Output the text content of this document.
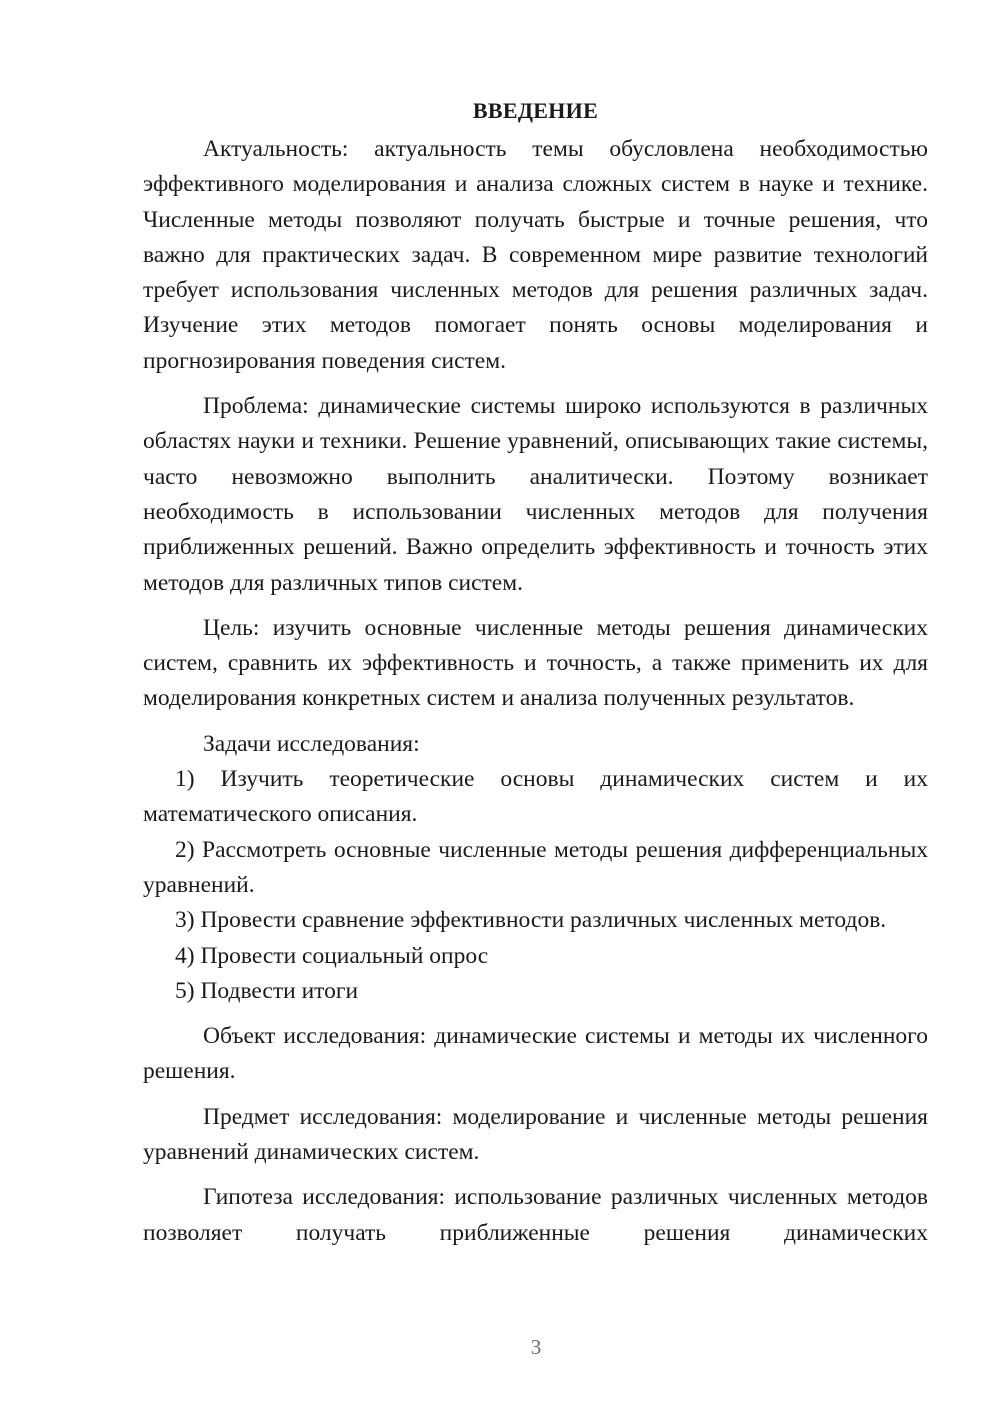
ВВЕДЕНИЕ

Актуальность: актуальность темы обусловлена необходимостью эффективного моделирования и анализа сложных систем в науке и технике. Численные методы позволяют получать быстрые и точные решения, что важно для практических задач. В современном мире развитие технологий требует использования численных методов для решения различных задач. Изучение этих методов помогает понять основы моделирования и прогнозирования поведения систем.

Проблема: динамические системы широко используются в различных областях науки и техники. Решение уравнений, описывающих такие системы, часто невозможно выполнить аналитически. Поэтому возникает необходимость в использовании численных методов для получения приближенных решений. Важно определить эффективность и точность этих методов для различных типов систем.

Цель: изучить основные численные методы решения динамических систем, сравнить их эффективность и точность, а также применить их для моделирования конкретных систем и анализа полученных результатов.

Задачи исследования:

1) Изучить теоретические основы динамических систем и их математического описания.

2) Рассмотреть основные численные методы решения дифференциальных уравнений.

3) Провести сравнение эффективности различных численных методов.

4) Провести социальный опрос

5) Подвести итоги

Объект исследования: динамические системы и методы их численного решения.

Предмет исследования: моделирование и численные методы решения уравнений динамических систем.

Гипотеза исследования: использование различных численных методов позволяет получать приближенные решения динамических

3
